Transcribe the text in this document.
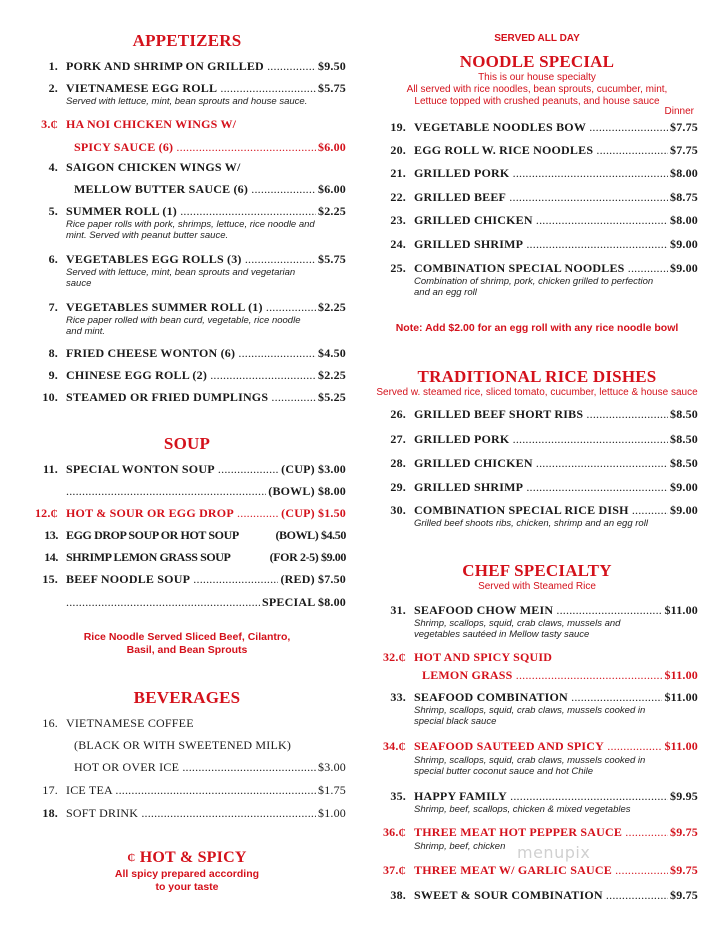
APPETIZERS
1. PORK AND SHRIMP ON GRILLED .....	$9.50
2. VIETNAMESE EGG ROLL .....	$5.75
Served with lettuce, mint, bean sprouts and house sauce.
3.₵ HA NOI CHICKEN WINGS W/
SPICY SAUCE (6) .....	$6.00
4. SAIGON CHICKEN WINGS W/
MELLOW BUTTER SAUCE (6) .....	$6.00
5. SUMMER ROLL (1) .....	$2.25
Rice paper rolls with pork, shrimps, lettuce, rice noodle and mint. Served with peanut butter sauce.
6. VEGETABLES EGG ROLLS (3) .....	$5.75
Served with lettuce, mint, bean sprouts and vegetarian sauce
7. VEGETABLES SUMMER ROLL (1) .....	$2.25
Rice paper rolled with bean curd, vegetable, rice noodle and mint.
8. FRIED CHEESE WONTON (6) .....	$4.50
9. CHINESE EGG ROLL (2) .....	$2.25
10. STEAMED OR FRIED DUMPLINGS .....	$5.25
SOUP
11. SPECIAL WONTON SOUP .....	(CUP) $3.00
.....
(BOWL) $8.00
12.₵ HOT & SOUR OR EGG DROP .....	(CUP) $1.50
13. EGG DROP SOUP OR HOT SOUP	(BOWL) $4.50
14. SHRIMP LEMON GRASS SOUP	(FOR 2-5) $9.00
15. BEEF NOODLE SOUP .....	(RED) $7.50
.....
SPECIAL $8.00
Rice Noodle Served Sliced Beef, Cilantro,
Basil, and Bean Sprouts
BEVERAGES
16. VIETNAMESE COFFEE
(BLACK OR WITH SWEETENED MILK)
HOT OR OVER ICE .....	$3.00
17. ICE TEA .....	$1.75
18. SOFT DRINK .....	$1.00
₵ HOT & SPICY
All spicy prepared according
to your taste
SERVED ALL DAY
NOODLE SPECIAL
This is our house specialty
All served with rice noodles, bean sprouts, cucumber, mint,
Lettuce topped with crushed peanuts, and house sauce
Dinner
19. VEGETABLE NOODLES BOW .....	$7.75
20. EGG ROLL W. RICE NOODLES .....	$7.75
21. GRILLED PORK .....	$8.00
22. GRILLED BEEF .....	$8.75
23. GRILLED CHICKEN .....	$8.00
24. GRILLED SHRIMP .....	$9.00
25. COMBINATION SPECIAL NOODLES .....	$9.00
Combination of shrimp, pork, chicken grilled to perfection and an egg roll
Note: Add $2.00 for an egg roll with any rice noodle bowl
TRADITIONAL RICE DISHES
Served w. steamed rice, sliced tomato, cucumber, lettuce & house sauce
26. GRILLED BEEF SHORT RIBS .....	$8.50
27. GRILLED PORK .....	$8.50
28. GRILLED CHICKEN .....	$8.50
29. GRILLED SHRIMP .....	$9.00
30. COMBINATION SPECIAL RICE DISH .....	$9.00
Grilled beef shoots ribs, chicken, shrimp and an egg roll
CHEF SPECIALTY
Served with Steamed Rice
31. SEAFOOD CHOW MEIN .....	$11.00
Shrimp, scallops, squid, crab claws, mussels and vegetables sautéed in Mellow tasty sauce
32.₵ HOT AND SPICY SQUID
LEMON GRASS .....	$11.00
33. SEAFOOD COMBINATION .....	$11.00
Shrimp, scallops, squid, crab claws, mussels cooked in special black sauce
34.₵ SEAFOOD SAUTEED AND SPICY .....	$11.00
Shrimp, scallops, squid, crab claws, mussels cooked in special butter coconut sauce and hot Chile
35. HAPPY FAMILY .....	$9.95
Shrimp, beef, scallops, chicken & mixed vegetables
36.₵ THREE MEAT HOT PEPPER SAUCE .....	$9.75
Shrimp, beef, chicken
37.₵ THREE MEAT W/ GARLIC SAUCE .....	$9.75
38. SWEET & SOUR COMBINATION .....	$9.75
menupix
